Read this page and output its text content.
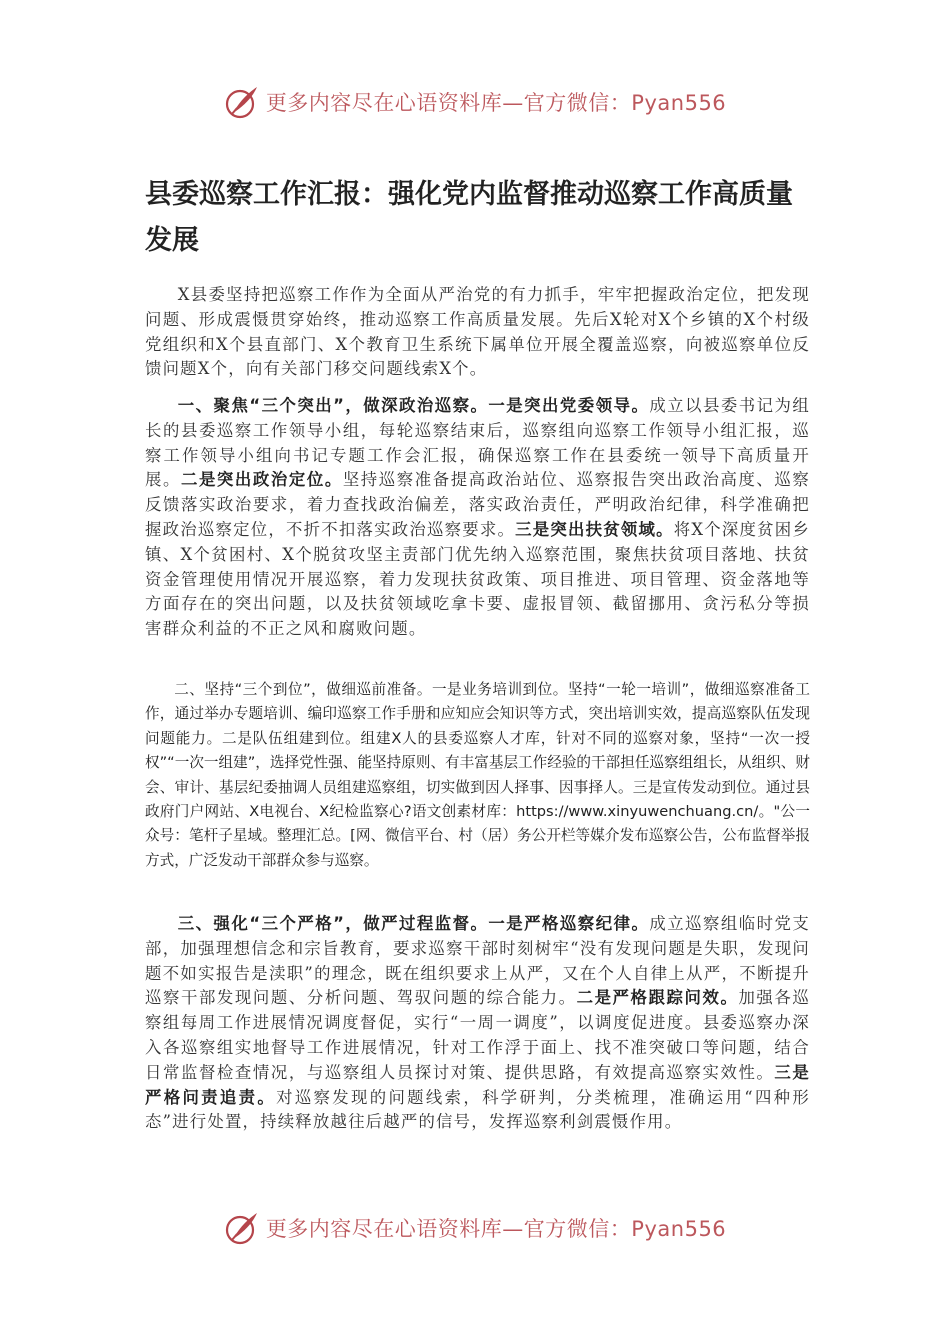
更多内容尽在心语资料库—官方微信：Pyan556
县委巡察工作汇报：强化党内监督推动巡察工作高质量发展

X县委坚持把巡察工作作为全面从严治党的有力抓手，牢牢把握政治定位，把发现问题、形成震慑贯穿始终，推动巡察工作高质量发展。先后X轮对X个乡镇的X个村级党组织和X个县直部门、X个教育卫生系统下属单位开展全覆盖巡察，向被巡察单位反馈问题X个，向有关部门移交问题线索X个。

一、聚焦“三个突出”，做深政治巡察。一是突出党委领导。成立以县委书记为组长的县委巡察工作领导小组，每轮巡察结束后，巡察组向巡察工作领导小组汇报，巡察工作领导小组向书记专题工作会汇报，确保巡察工作在县委统一领导下高质量开展。二是突出政治定位。坚持巡察准备提高政治站位、巡察报告突出政治高度、巡察反馈落实政治要求，着力查找政治偏差，落实政治责任，严明政治纪律，科学准确把握政治巡察定位，不折不扣落实政治巡察要求。三是突出扶贫领域。将X个深度贫困乡镇、X个贫困村、X个脱贫攻坚主责部门优先纳入巡察范围，聚焦扶贫项目落地、扶贫资金管理使用情况开展巡察，着力发现扶贫政策、项目推进、项目管理、资金落地等方面存在的突出问题，以及扶贫领域吃拿卡要、虚报冒领、截留挪用、贪污私分等损害群众利益的不正之风和腐败问题。

二、坚持“三个到位”，做细巡前准备。一是业务培训到位。坚持“一轮一培训”，做细巡察准备工作，通过举办专题培训、编印巡察工作手册和应知应会知识等方式，突出培训实效，提高巡察队伍发现问题能力。二是队伍组建到位。组建X人的县委巡察人才库，针对不同的巡察对象，坚持“一次一授权”“一次一组建”，选择党性强、能坚持原则、有丰富基层工作经验的干部担任巡察组组长，从组织、财会、审计、基层纪委抽调人员组建巡察组，切实做到因人择事、因事择人。三是宣传发动到位。通过县政府门户网站、X电视台、X纪检监察心?语文创素材库：https://www.xinyuwenchuang.cn/。"公一众号：笔杆子星域。整理汇总。[网、微信平台、村（居）务公开栏等媒介发布巡察公告，公布监督举报方式，广泛发动干部群众参与巡察。

三、强化“三个严格”，做严过程监督。一是严格巡察纪律。成立巡察组临时党支部，加强理想信念和宗旨教育，要求巡察干部时刻树牢“没有发现问题是失职，发现问题不如实报告是渎职”的理念，既在组织要求上从严，又在个人自律上从严，不断提升巡察干部发现问题、分析问题、驾驭问题的综合能力。二是严格跟踪问效。加强各巡察组每周工作进展情况调度督促，实行“一周一调度”，以调度促进度。县委巡察办深入各巡察组实地督导工作进展情况，针对工作浮于面上、找不准突破口等问题，结合日常监督检查情况，与巡察组人员探讨对策、提供思路，有效提高巡察实效性。三是严格问责追责。对巡察发现的问题线索，科学研判，分类梳理，准确运用“四种形态”进行处置，持续释放越往后越严的信号，发挥巡察利剑震慑作用。

更多内容尽在心语资料库—官方微信：Pyan556
